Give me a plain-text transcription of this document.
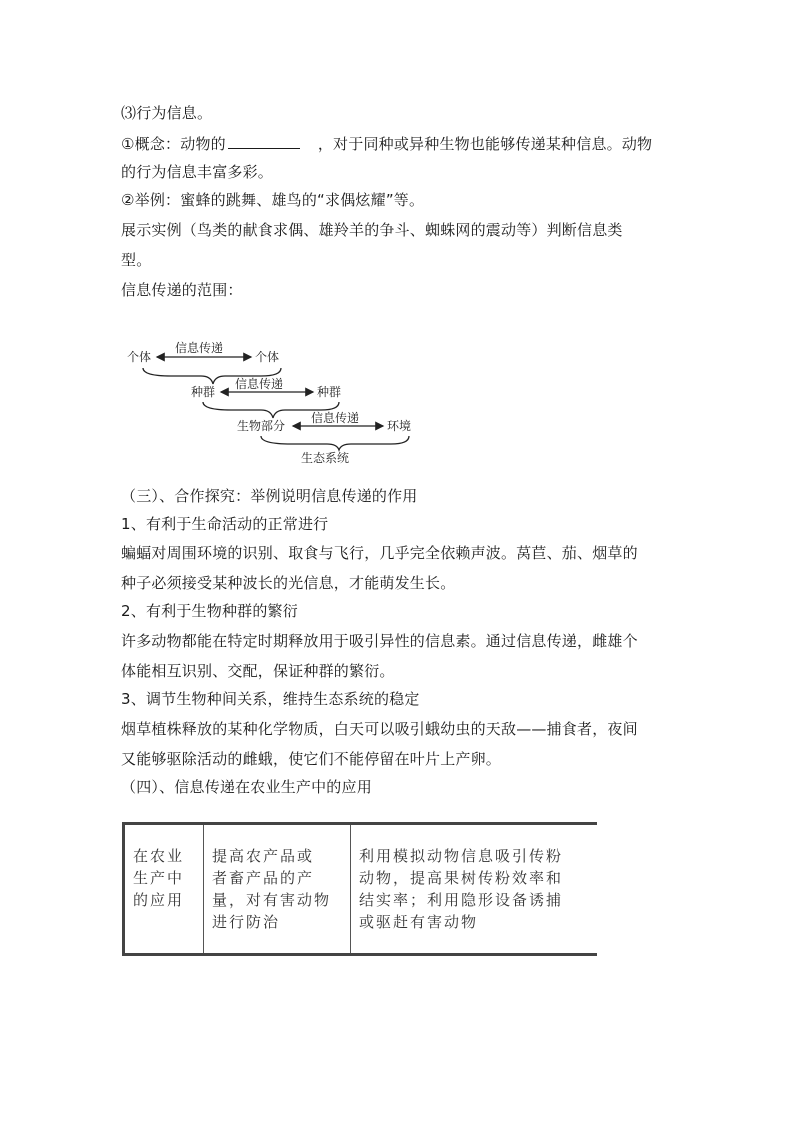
⑶行为信息。
①概念：动物的	，对于同种或异种生物也能够传递某种信息。动物
的行为信息丰富多彩。
②举例：蜜蜂的跳舞、雄鸟的“求偶炫耀”等。
展示实例（鸟类的献食求偶、雄羚羊的争斗、蜘蛛网的震动等）判断信息类
型。
信息传递的范围：
个体
信息传递
个体
种群
信息传递
种群
生物部分
信息传递
环境
生态系统
（三）、合作探究：举例说明信息传递的作用
1、有利于生命活动的正常进行
蝙蝠对周围环境的识别、取食与飞行，几乎完全依赖声波。莴苣、茄、烟草的
种子必须接受某种波长的光信息，才能萌发生长。
2、有利于生物种群的繁衍
许多动物都能在特定时期释放用于吸引异性的信息素。通过信息传递，雌雄个
体能相互识别、交配，保证种群的繁衍。
3、调节生物种间关系，维持生态系统的稳定
烟草植株释放的某种化学物质，白天可以吸引蛾幼虫的天敌——捕食者，夜间
又能够驱除活动的雌蛾，使它们不能停留在叶片上产卵。
（四）、信息传递在农业生产中的应用
在农业
生产中
的应用

提高农产品或
者畜产品的产
量，对有害动物
进行防治

利用模拟动物信息吸引传粉
动物，提高果树传粉效率和
结实率；利用隐形设备诱捕
或驱赶有害动物
